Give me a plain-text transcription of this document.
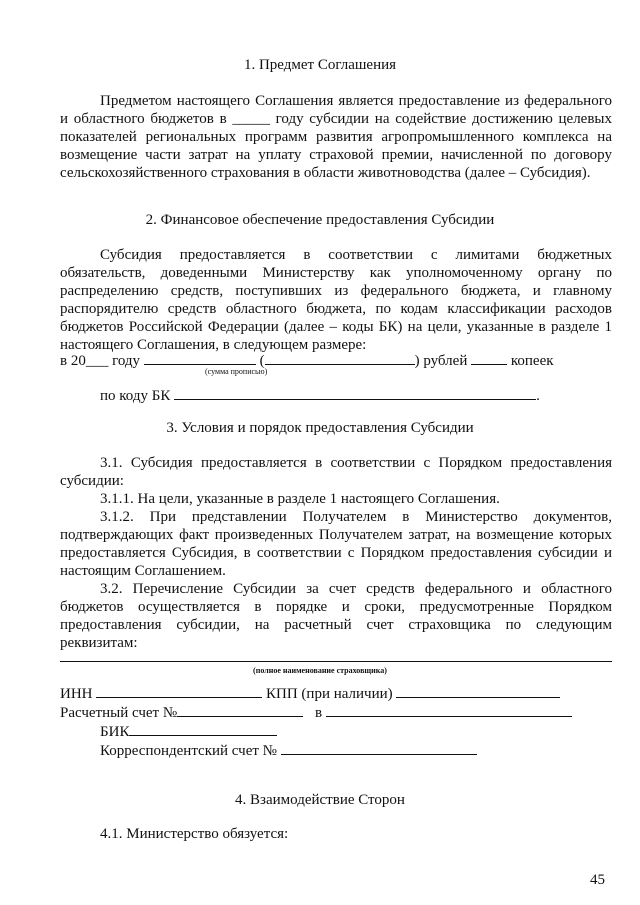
1. Предмет Соглашения

Предметом настоящего Соглашения является предоставление из федерального и областного бюджетов в _____ году субсидии на содействие достижению целевых показателей региональных программ развития агропромышленного комплекса на возмещение части затрат на уплату страховой премии, начисленной по договору сельскохозяйственного страхования в области животноводства (далее – Субсидия).

2. Финансовое обеспечение предоставления Субсидии

Субсидия предоставляется в соответствии с лимитами бюджетных обязательств, доведенными Министерству как уполномоченному органу по распределению средств, поступивших из федерального бюджета, и главному распорядителю средств областного бюджета, по кодам классификации расходов бюджетов Российской Федерации (далее – коды БК) на цели, указанные в разделе 1 настоящего Соглашения, в следующем размере:

в 20___ году	(	) рублей	копеек
(сумма прописью)
по коду БК	.
3. Условия и порядок предоставления Субсидии

3.1. Субсидия предоставляется в соответствии с Порядком предоставления субсидии:

3.1.1. На цели, указанные в разделе 1 настоящего Соглашения.

3.1.2. При представлении Получателем в Министерство документов, подтверждающих факт произведенных Получателем затрат, на возмещение которых предоставляется Субсидия, в соответствии с Порядком предоставления субсидии и настоящим Соглашением.

3.2. Перечисление Субсидии за счет средств федерального и областного бюджетов осуществляется в порядке и сроки, предусмотренные Порядком предоставления субсидии, на расчетный счет страховщика по следующим реквизитам:

(полное наименование страховщика)
ИНН	КПП (при наличии)
Расчетный счет №	в
БИК
Корреспондентский счет №
4. Взаимодействие Сторон
4.1. Министерство обязуется:
45
